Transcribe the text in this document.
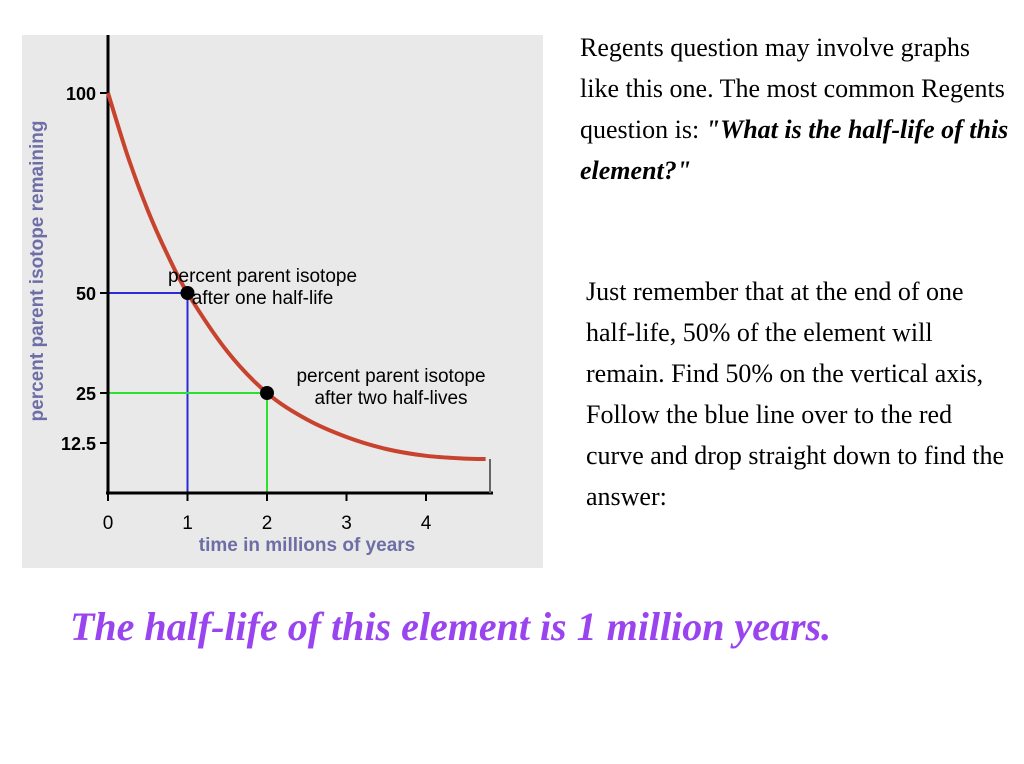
0	1	2	3	4
100
50
25
12.5
percent parent isotope
after one half-life
percent parent isotope
after two half-lives
percent parent isotope remaining
time in millions of years
Regents question may involve graphs like this one. The most common Regents question is: "What is the half-life of this element?"
Just remember that at the end of one half-life, 50% of the element will remain. Find 50% on the vertical axis, Follow the blue line over to the red curve and drop straight down to find the answer:
The half-life of this element is 1 million years.
